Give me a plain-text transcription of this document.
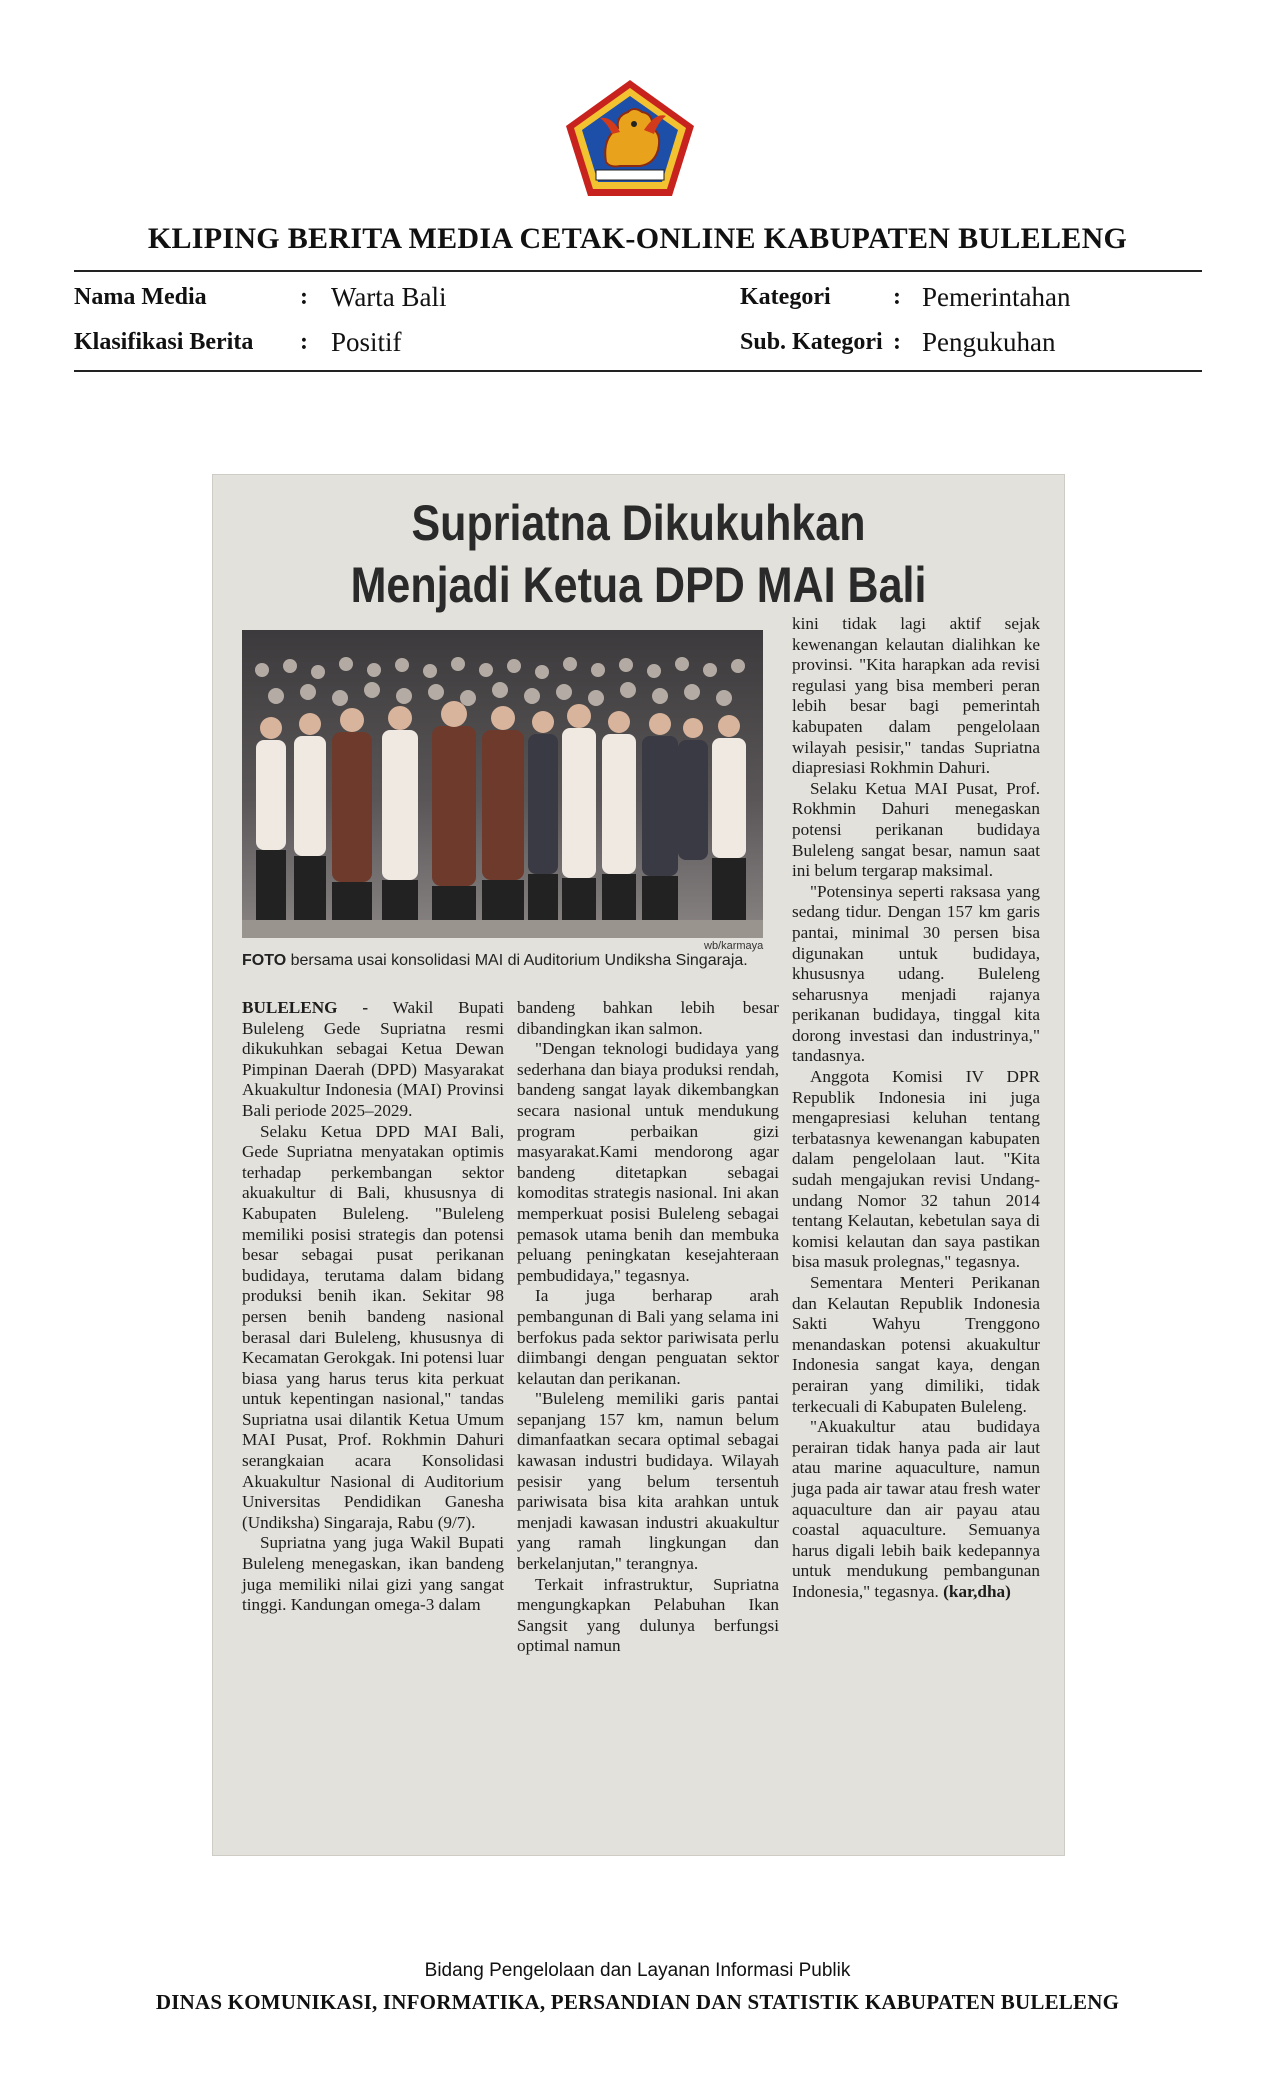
KLIPING BERITA MEDIA CETAK-ONLINE KABUPATEN BULELENG
Nama Media	: Warta Bali
Klasifikasi Berita : Positif
Kategori	: Pemerintahan
Sub. Kategori : Pengukuhan
Supriatna Dikukuhkan
Menjadi Ketua DPD MAI Bali
wb/karmaya
FOTO bersama usai konsolidasi MAI di Auditorium Undiksha Singaraja.

BULELENG - Wakil Bupati Buleleng Gede Supriatna resmi dikukuhkan sebagai Ketua Dewan Pimpinan Daerah (DPD) Masyarakat Akuakultur Indonesia (MAI) Provinsi Bali periode 2025–2029.

Selaku Ketua DPD MAI Bali, Gede Supriatna menyatakan optimis terhadap perkembangan sektor akuakultur di Bali, khususnya di Kabupaten Buleleng. "Buleleng memiliki posisi strategis dan potensi besar sebagai pusat perikanan budidaya, terutama dalam bidang produksi benih ikan. Sekitar 98 persen benih bandeng nasional berasal dari Buleleng, khususnya di Kecamatan Gerokgak. Ini potensi luar biasa yang harus terus kita perkuat untuk kepentingan nasional," tandas Supriatna usai dilantik Ketua Umum MAI Pusat, Prof. Rokhmin Dahuri serangkaian acara Konsolidasi Akuakultur Nasional di Auditorium Universitas Pendidikan Ganesha (Undiksha) Singaraja, Rabu (9/7).

Supriatna yang juga Wakil Bupati Buleleng menegaskan, ikan bandeng juga memiliki nilai gizi yang sangat tinggi. Kandungan omega-3 dalam

bandeng bahkan lebih besar dibandingkan ikan salmon.

"Dengan teknologi budidaya yang sederhana dan biaya produksi rendah, bandeng sangat layak dikembangkan secara nasional untuk mendukung program perbaikan gizi masyarakat.Kami mendorong agar bandeng ditetapkan sebagai komoditas strategis nasional. Ini akan memperkuat posisi Buleleng sebagai pemasok utama benih dan membuka peluang peningkatan kesejahteraan pembudidaya," tegasnya.

Ia juga berharap arah pembangunan di Bali yang selama ini berfokus pada sektor pariwisata perlu diimbangi dengan penguatan sektor kelautan dan perikanan.

"Buleleng memiliki garis pantai sepanjang 157 km, namun belum dimanfaatkan secara optimal sebagai kawasan industri budidaya. Wilayah pesisir yang belum tersentuh pariwisata bisa kita arahkan untuk menjadi kawasan industri akuakultur yang ramah lingkungan dan berkelanjutan," terangnya.

Terkait infrastruktur, Supriatna mengungkapkan Pelabuhan Ikan Sangsit yang dulunya berfungsi optimal namun

kini tidak lagi aktif sejak kewenangan kelautan dialihkan ke provinsi. "Kita harapkan ada revisi regulasi yang bisa memberi peran lebih besar bagi pemerintah kabupaten dalam pengelolaan wilayah pesisir," tandas Supriatna diapresiasi Rokhmin Dahuri.

Selaku Ketua MAI Pusat, Prof. Rokhmin Dahuri menegaskan potensi perikanan budidaya Buleleng sangat besar, namun saat ini belum tergarap maksimal.

"Potensinya seperti raksasa yang sedang tidur. Dengan 157 km garis pantai, minimal 30 persen bisa digunakan untuk budidaya, khususnya udang. Buleleng seharusnya menjadi rajanya perikanan budidaya, tinggal kita dorong investasi dan industrinya," tandasnya.

Anggota Komisi IV DPR Republik Indonesia ini juga mengapresiasi keluhan tentang terbatasnya kewenangan kabupaten dalam pengelolaan laut. "Kita sudah mengajukan revisi Undang-undang Nomor 32 tahun 2014 tentang Kelautan, kebetulan saya di komisi kelautan dan saya pastikan bisa masuk prolegnas," tegasnya.

Sementara Menteri Perikanan dan Kelautan Republik Indonesia Sakti Wahyu Trenggono menandaskan potensi akuakultur Indonesia sangat kaya, dengan perairan yang dimiliki, tidak terkecuali di Kabupaten Buleleng.

"Akuakultur atau budidaya perairan tidak hanya pada air laut atau marine aquaculture, namun juga pada air tawar atau fresh water aquaculture dan air payau atau coastal aquaculture. Semuanya harus digali lebih baik kedepannya untuk mendukung pembangunan Indonesia," tegasnya. (kar,dha)

Bidang Pengelolaan dan Layanan Informasi Publik
DINAS KOMUNIKASI, INFORMATIKA, PERSANDIAN DAN STATISTIK KABUPATEN BULELENG
